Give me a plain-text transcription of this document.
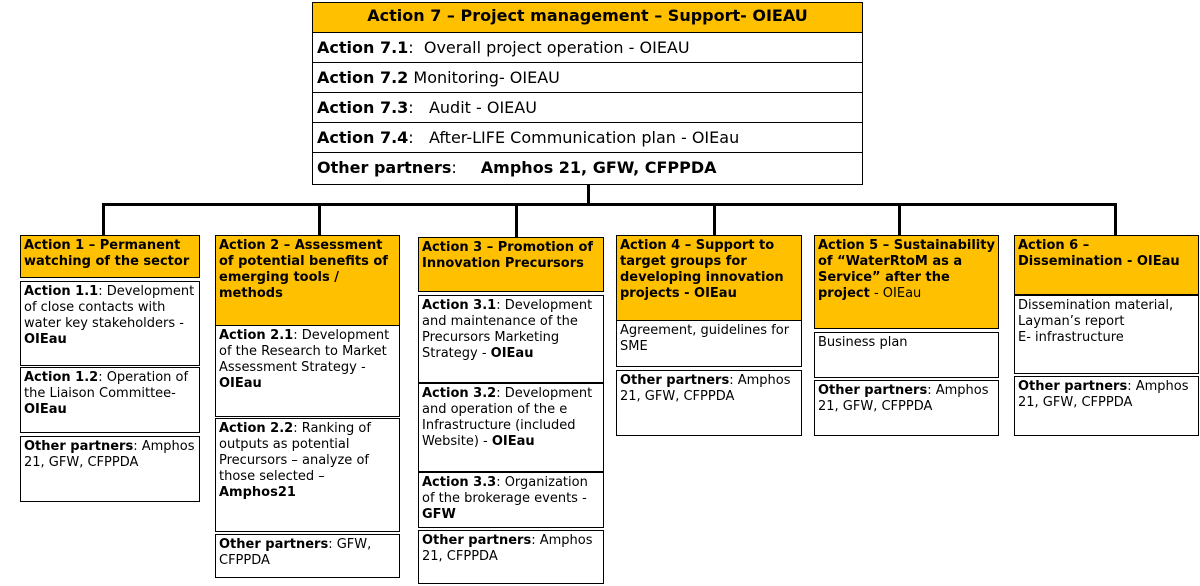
Action 7 – Project management – Support- OIEAU
Action 7.1:  Overall project operation - OIEAU
Action 7.2 Monitoring- OIEAU
Action 7.3:   Audit - OIEAU
Action 7.4:   After-LIFE Communication plan - OIEau
Other partners: Amphos 21, GFW, CFPPDA
Action 1 – Permanent watching of the sector
Action 1.1: Development of close contacts with water key stakeholders - OIEau
Action 1.2: Operation of the Liaison Committee-OIEau
Other partners: Amphos 21, GFW, CFPPDA
Action 2 – Assessment of potential benefits of emerging tools / methods
Action 2.1: Development of the Research to Market Assessment Strategy - OIEau
Action 2.2: Ranking of outputs as potential Precursors – analyze of those selected – Amphos21
Other partners: GFW, CFPPDA
Action 3 – Promotion of Innovation Precursors
Action 3.1: Development and maintenance of the Precursors Marketing Strategy - OIEau
Action 3.2: Development and operation of the e Infrastructure (included Website) - OIEau
Action 3.3: Organization of the brokerage events - GFW
Other partners: Amphos 21, CFPPDA
Action 4 – Support to target groups for developing innovation projects - OIEau
Agreement, guidelines for SME
Other partners: Amphos 21, GFW, CFPPDA
Action 5 – Sustainability of “WaterRtoM as a Service” after the project - OIEau
Business plan
Other partners: Amphos 21, GFW, CFPPDA
Action 6 – Dissemination - OIEau
Dissemination material,
Layman’s report
E- infrastructure
Other partners: Amphos 21, GFW, CFPPDA
